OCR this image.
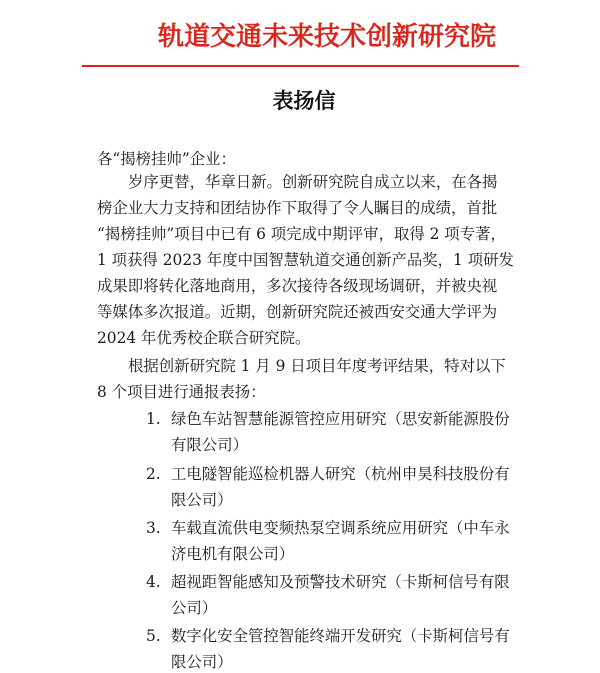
轨道交通未来技术创新研究院
表扬信
各“揭榜挂帅”企业：
岁序更替，华章日新。创新研究院自成立以来，在各揭
榜企业大力支持和团结协作下取得了令人瞩目的成绩，首批
“揭榜挂帅”项目中已有 6 项完成中期评审，取得 2 项专著，
1 项获得 2023 年度中国智慧轨道交通创新产品奖，1 项研发
成果即将转化落地商用，多次接待各级现场调研，并被央视
等媒体多次报道。近期，创新研究院还被西安交通大学评为
2024 年优秀校企联合研究院。
根据创新研究院 1 月 9 日项目年度考评结果，特对以下
8 个项目进行通报表扬：
1. 绿色车站智慧能源管控应用研究（思安新能源股份
有限公司）
2. 工电隧智能巡检机器人研究（杭州申昊科技股份有
限公司）
3. 车载直流供电变频热泵空调系统应用研究（中车永
济电机有限公司）
4. 超视距智能感知及预警技术研究（卡斯柯信号有限
公司）
5. 数字化安全管控智能终端开发研究（卡斯柯信号有
限公司）
